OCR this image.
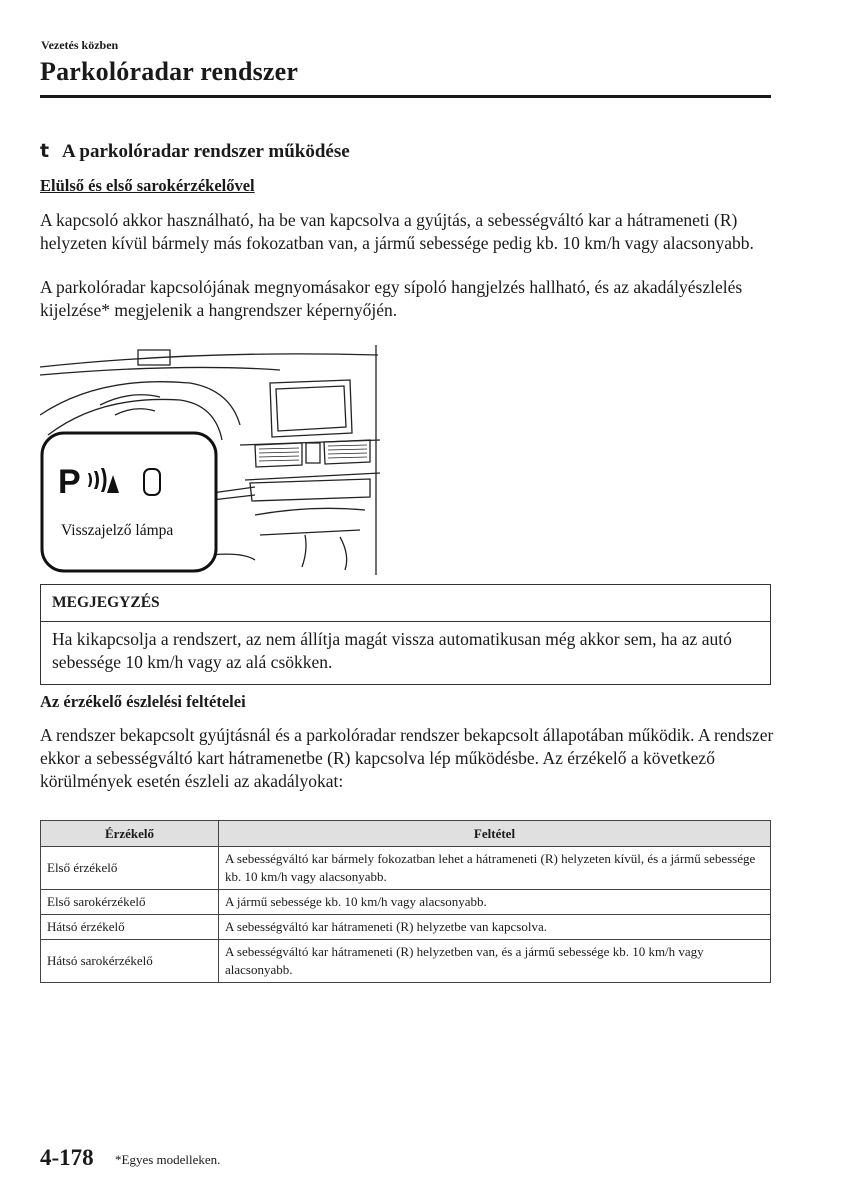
Vezetés közben
Parkolóradar rendszer
t A parkolóradar rendszer működése
Elülső és első sarokérzékelővel
A kapcsoló akkor használható, ha be van kapcsolva a gyújtás, a sebességváltó kar a hátrameneti (R) helyzeten kívül bármely más fokozatban van, a jármű sebessége pedig kb. 10 km/h vagy alacsonyabb.
A parkolóradar kapcsolójának megnyomásakor egy sípoló hangjelzés hallható, és az akadályészlelés kijelzése* megjelenik a hangrendszer képernyőjén.
P
Visszajelző lámpa
MEGJEGYZÉS
Ha kikapcsolja a rendszert, az nem állítja magát vissza automatikusan még akkor sem, ha az autó sebessége 10 km/h vagy az alá csökken.
Az érzékelő észlelési feltételei
A rendszer bekapcsolt gyújtásnál és a parkolóradar rendszer bekapcsolt állapotában működik. A rendszer ekkor a sebességváltó kart hátramenetbe (R) kapcsolva lép működésbe. Az érzékelő a következő körülmények esetén észleli az akadályokat:
Érzékelő	Feltétel
Első érzékelő	A sebességváltó kar bármely fokozatban lehet a hátrameneti (R) helyzeten kívül, és a jármű sebessége kb. 10 km/h vagy alacsonyabb.
Első sarokérzékelő	A jármű sebessége kb. 10 km/h vagy alacsonyabb.
Hátsó érzékelő	A sebességváltó kar hátrameneti (R) helyzetbe van kapcsolva.
Hátsó sarokérzékelő	A sebességváltó kar hátrameneti (R) helyzetben van, és a jármű sebessége kb. 10 km/h vagy alacsonyabb.
4-178 *Egyes modelleken.
